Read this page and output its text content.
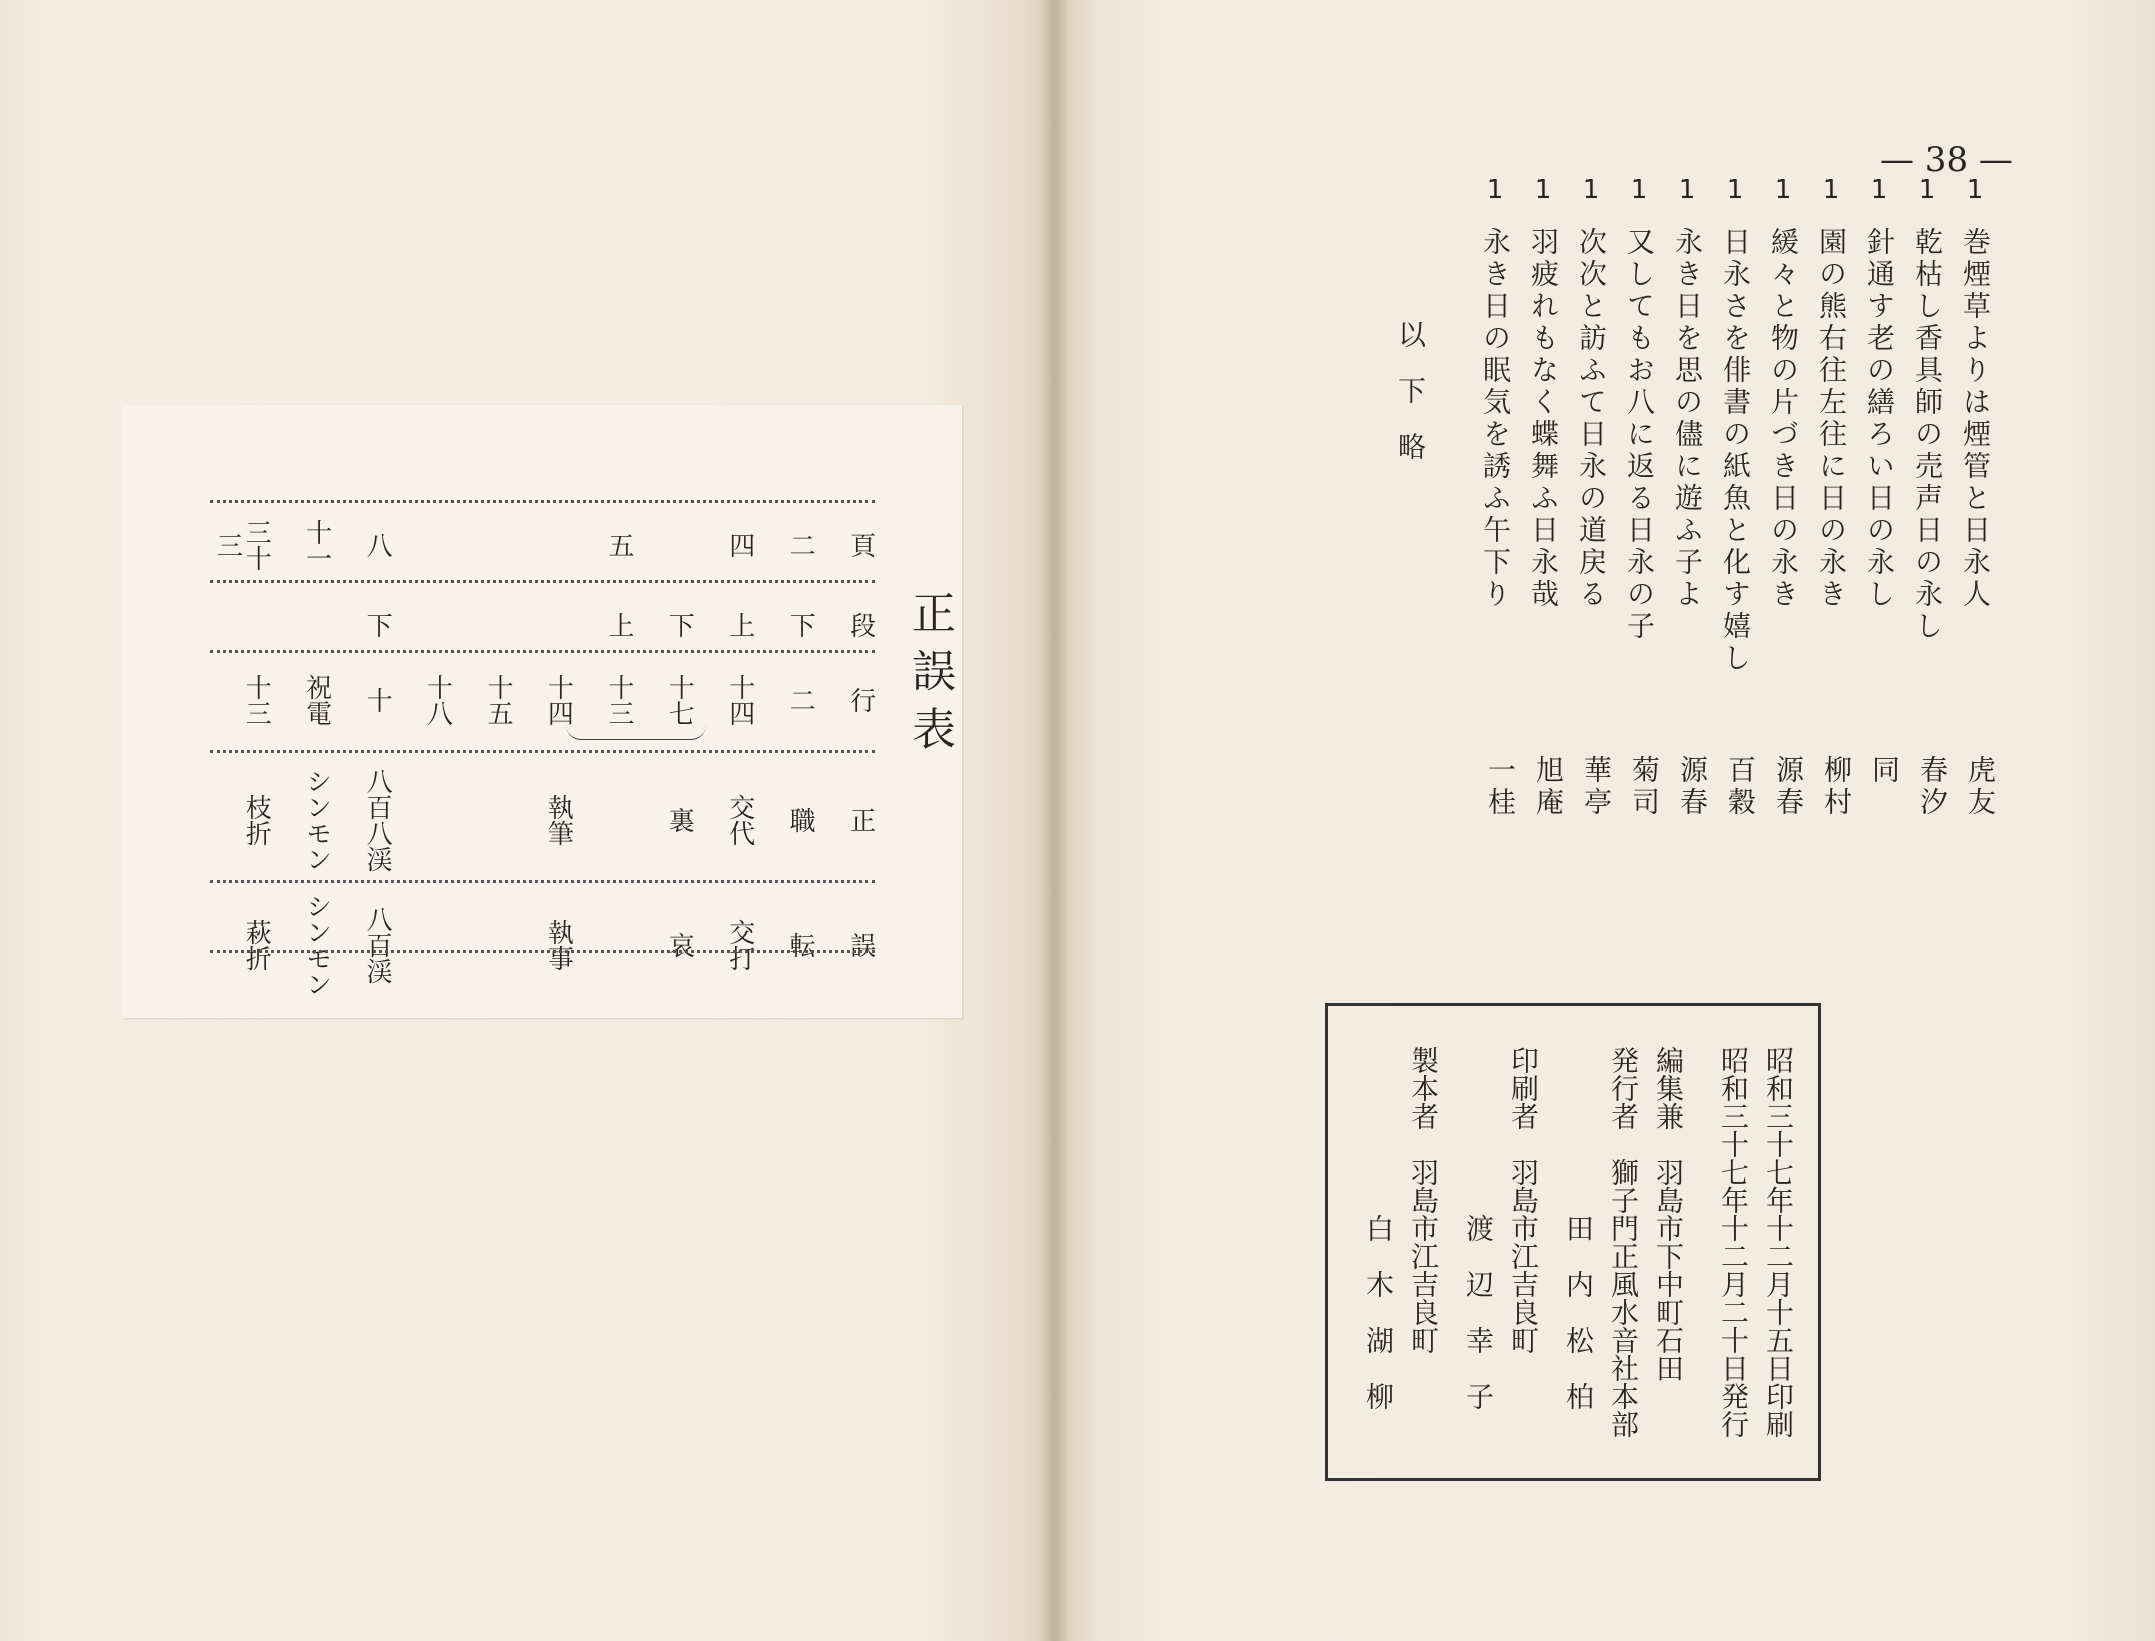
正誤表
頁
二
四
五
八
十一
三十三
段
下
上
下
上
下
行
二
十四
十七
十三
十四
十五
十八
十
祝電
十三
正
職
交代
裏
執筆
八百八渓
シンモン
枝折
誤
転
交打
哀
執事
八百渓
シンモン
萩折
— 38 —
1
巻煙草よりは煙管と日永人
1
乾枯し香具師の売声日の永し
1
針通す老の繕ろい日の永し
1
園の熊右往左往に日の永き
1
緩々と物の片づき日の永き
1
日永さを俳書の紙魚と化す嬉し
1
永き日を思の儘に遊ふ子よ
1
又してもお八に返る日永の子
1
次次と訪ふて日永の道戻る
1
羽疲れもなく蝶舞ふ日永哉
1
永き日の眠気を誘ふ午下り
虎友
春汐
同
柳村
源春
百穀
源春
菊司
華亭
旭庵
一桂
以下略
昭和三十七年十二月十五日印刷
昭和三十七年十二月二十日発行
編集兼　羽島市下中町石田
発行者　獅子門正風水音社本部
　　　　　　田　内　松　柏
印刷者　羽島市江吉良町
　　　　　　渡　辺　幸　子
製本者　羽島市江吉良町
　　　　　　白　木　湖　柳
